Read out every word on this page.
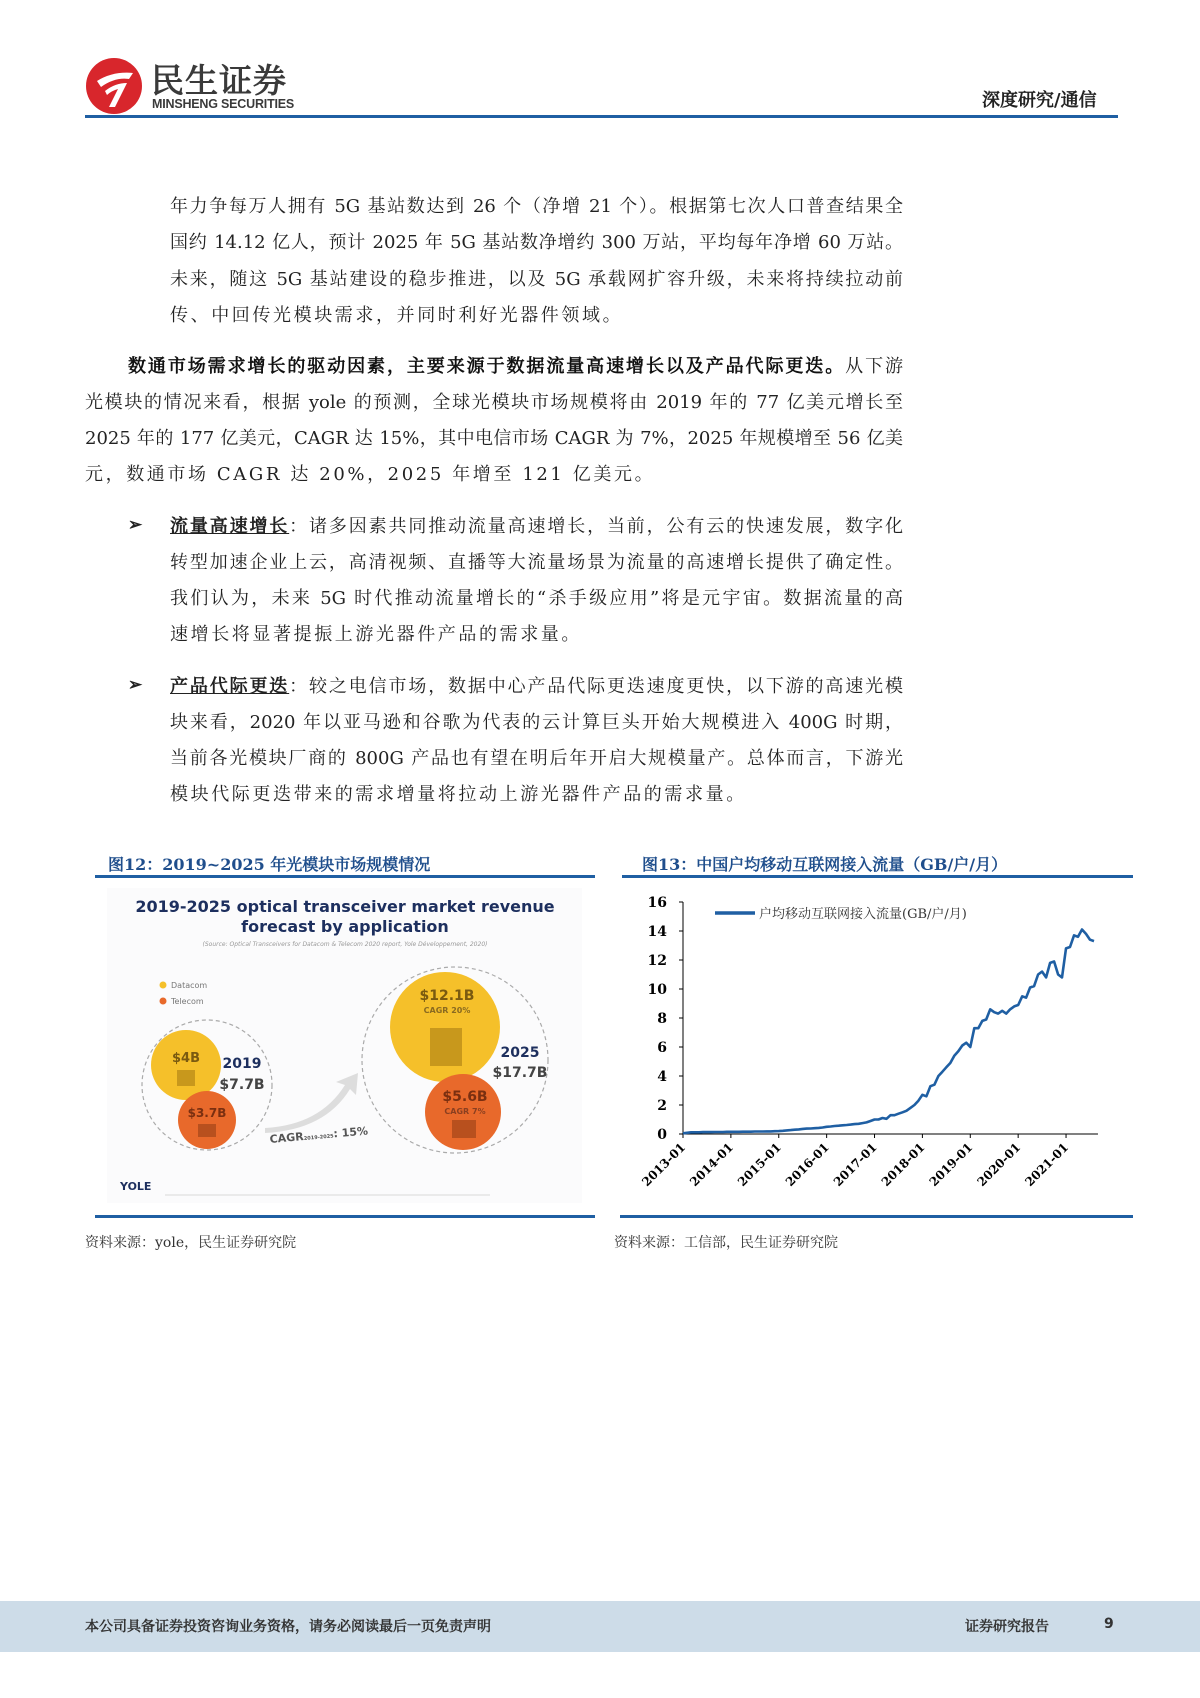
民生证券
MINSHENG SECURITIES	深度研究/通信
年力争每万人拥有 5G 基站数达到 26 个（净增 21 个）。根据第七次人口普查结果全
国约 14.12 亿人，预计 2025 年 5G 基站数净增约 300 万站，平均每年净增 60 万站。
未来，随这 5G 基站建设的稳步推进，以及 5G 承载网扩容升级，未来将持续拉动前
传、中回传光模块需求，并同时利好光器件领域。
数通市场需求增长的驱动因素，主要来源于数据流量高速增长以及产品代际更迭。从下游
光模块的情况来看，根据 yole 的预测，全球光模块市场规模将由 2019 年的 77 亿美元增长至
2025 年的 177 亿美元，CAGR 达 15%，其中电信市场 CAGR 为 7%，2025 年规模增至 56 亿美
元，数通市场 CAGR 达 20%，2025 年增至 121 亿美元。
➢ 流量高速增长：诸多因素共同推动流量高速增长，当前，公有云的快速发展，数字化
转型加速企业上云，高清视频、直播等大流量场景为流量的高速增长提供了确定性。
我们认为，未来 5G 时代推动流量增长的“杀手级应用”将是元宇宙。数据流量的高
速增长将显著提振上游光器件产品的需求量。
➢ 产品代际更迭：较之电信市场，数据中心产品代际更迭速度更快，以下游的高速光模
块来看，2020 年以亚马逊和谷歌为代表的云计算巨头开始大规模进入 400G 时期，
当前各光模块厂商的 800G 产品也有望在明后年开启大规模量产。总体而言，下游光
模块代际更迭带来的需求增量将拉动上游光器件产品的需求量。
图12：2019~2025 年光模块市场规模情况
2019-2025 optical transceiver market revenue
forecast by application
(Source: Optical Transceivers for Datacom & Telecom 2020 report, Yole Développement, 2020)
Datacom
Telecom
$4B
$3.7B
2019
$7.7B
CAGR2019-2025: 15%
$12.1B
CAGR 20%
$5.6B
CAGR 7%
2025
$17.7B
YOLE
资料来源：yole，民生证券研究院
图13：中国户均移动互联网接入流量（GB/户/月）
0
2
4
6
8
10
12
14
16
2013-01 2014-01 2015-01 2016-01 2017-01 2018-01 2019-01 2020-01 2021-01
户均移动互联网接入流量(GB/户/月)
资料来源：工信部，民生证券研究院
本公司具备证券投资咨询业务资格，请务必阅读最后一页免责声明	证券研究报告	9
